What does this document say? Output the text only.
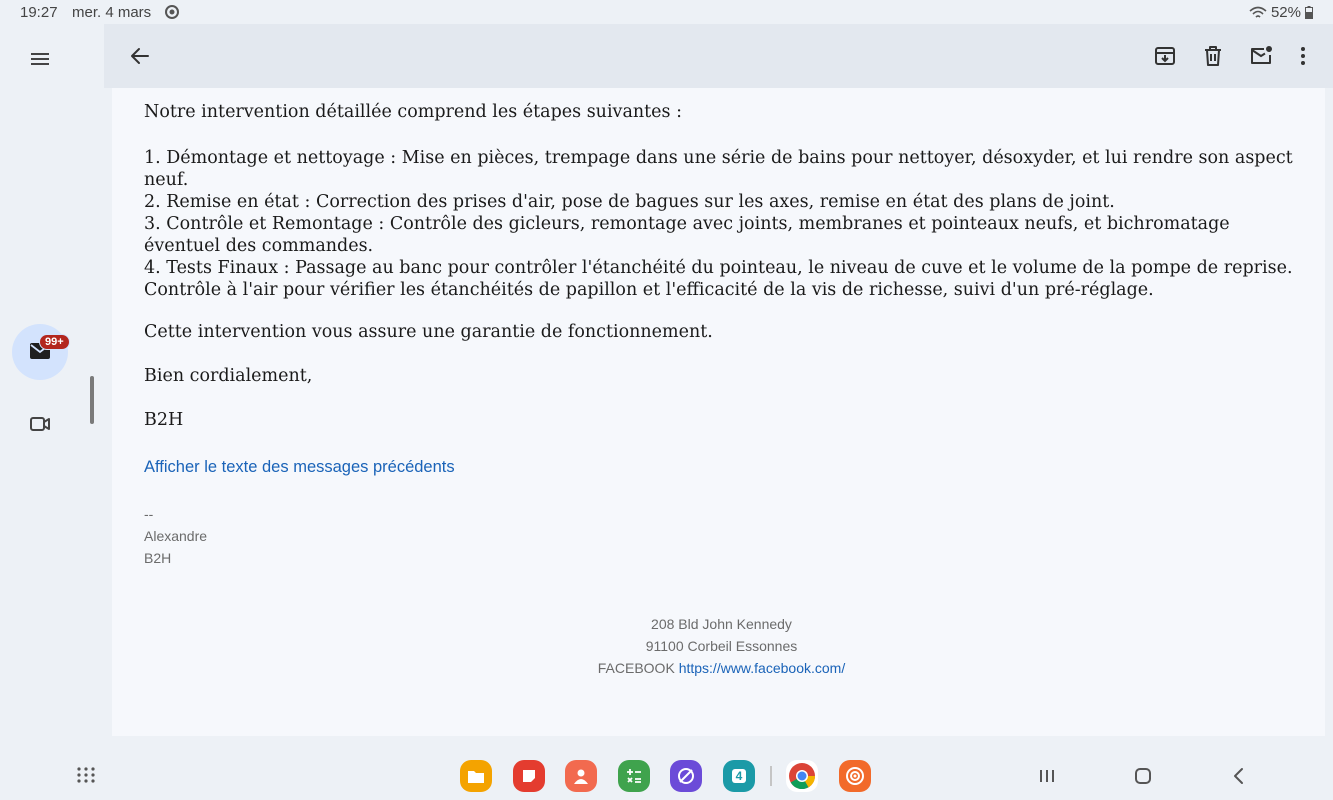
19:27 mer. 4 mars	52%
99+
Notre intervention détaillée comprend les étapes suivantes :
1. Démontage et nettoyage : Mise en pièces, trempage dans une série de bains pour nettoyer, désoxyder, et lui rendre son aspect neuf.
2. Remise en état : Correction des prises d'air, pose de bagues sur les axes, remise en état des plans de joint.
3. Contrôle et Remontage : Contrôle des gicleurs, remontage avec joints, membranes et pointeaux neufs, et bichromatage éventuel des commandes.
4. Tests Finaux : Passage au banc pour contrôler l'étanchéité du pointeau, le niveau de cuve et le volume de la pompe de reprise. Contrôle à l'air pour vérifier les étanchéités de papillon et l'efficacité de la vis de richesse, suivi d'un pré-réglage.
Cette intervention vous assure une garantie de fonctionnement.
Bien cordialement,
B2H
Afficher le texte des messages précédents
--
Alexandre
B2H
208 Bld John Kennedy
91100 Corbeil Essonnes
FACEBOOK https://www.facebook.com/
4
